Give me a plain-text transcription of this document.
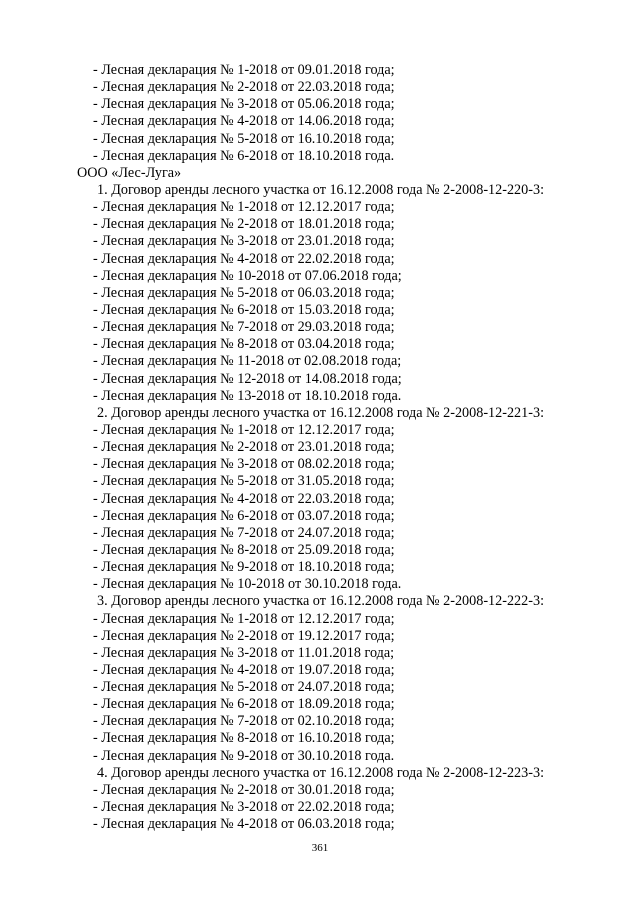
- Лесная декларация № 1-2018 от 09.01.2018 года;
- Лесная декларация № 2-2018 от 22.03.2018 года;
- Лесная декларация № 3-2018 от 05.06.2018 года;
- Лесная декларация № 4-2018 от 14.06.2018 года;
- Лесная декларация № 5-2018 от 16.10.2018 года;
- Лесная декларация № 6-2018 от 18.10.2018 года.
ООО «Лес-Луга»
1. Договор аренды лесного участка от 16.12.2008 года № 2-2008-12-220-3:
- Лесная декларация № 1-2018 от 12.12.2017 года;
- Лесная декларация № 2-2018 от 18.01.2018 года;
- Лесная декларация № 3-2018 от 23.01.2018 года;
- Лесная декларация № 4-2018 от 22.02.2018 года;
- Лесная декларация № 10-2018 от 07.06.2018 года;
- Лесная декларация № 5-2018 от 06.03.2018 года;
- Лесная декларация № 6-2018 от 15.03.2018 года;
- Лесная декларация № 7-2018 от 29.03.2018 года;
- Лесная декларация № 8-2018 от 03.04.2018 года;
- Лесная декларация № 11-2018 от 02.08.2018 года;
- Лесная декларация № 12-2018 от 14.08.2018 года;
- Лесная декларация № 13-2018 от 18.10.2018 года.
2. Договор аренды лесного участка от 16.12.2008 года № 2-2008-12-221-3:
- Лесная декларация № 1-2018 от 12.12.2017 года;
- Лесная декларация № 2-2018 от 23.01.2018 года;
- Лесная декларация № 3-2018 от 08.02.2018 года;
- Лесная декларация № 5-2018 от 31.05.2018 года;
- Лесная декларация № 4-2018 от 22.03.2018 года;
- Лесная декларация № 6-2018 от 03.07.2018 года;
- Лесная декларация № 7-2018 от 24.07.2018 года;
- Лесная декларация № 8-2018 от 25.09.2018 года;
- Лесная декларация № 9-2018 от 18.10.2018 года;
- Лесная декларация № 10-2018 от 30.10.2018 года.
3. Договор аренды лесного участка от 16.12.2008 года № 2-2008-12-222-3:
- Лесная декларация № 1-2018 от 12.12.2017 года;
- Лесная декларация № 2-2018 от 19.12.2017 года;
- Лесная декларация № 3-2018 от 11.01.2018 года;
- Лесная декларация № 4-2018 от 19.07.2018 года;
- Лесная декларация № 5-2018 от 24.07.2018 года;
- Лесная декларация № 6-2018 от 18.09.2018 года;
- Лесная декларация № 7-2018 от 02.10.2018 года;
- Лесная декларация № 8-2018 от 16.10.2018 года;
- Лесная декларация № 9-2018 от 30.10.2018 года.
4. Договор аренды лесного участка от 16.12.2008 года № 2-2008-12-223-3:
- Лесная декларация № 2-2018 от 30.01.2018 года;
- Лесная декларация № 3-2018 от 22.02.2018 года;
- Лесная декларация № 4-2018 от 06.03.2018 года;
361
